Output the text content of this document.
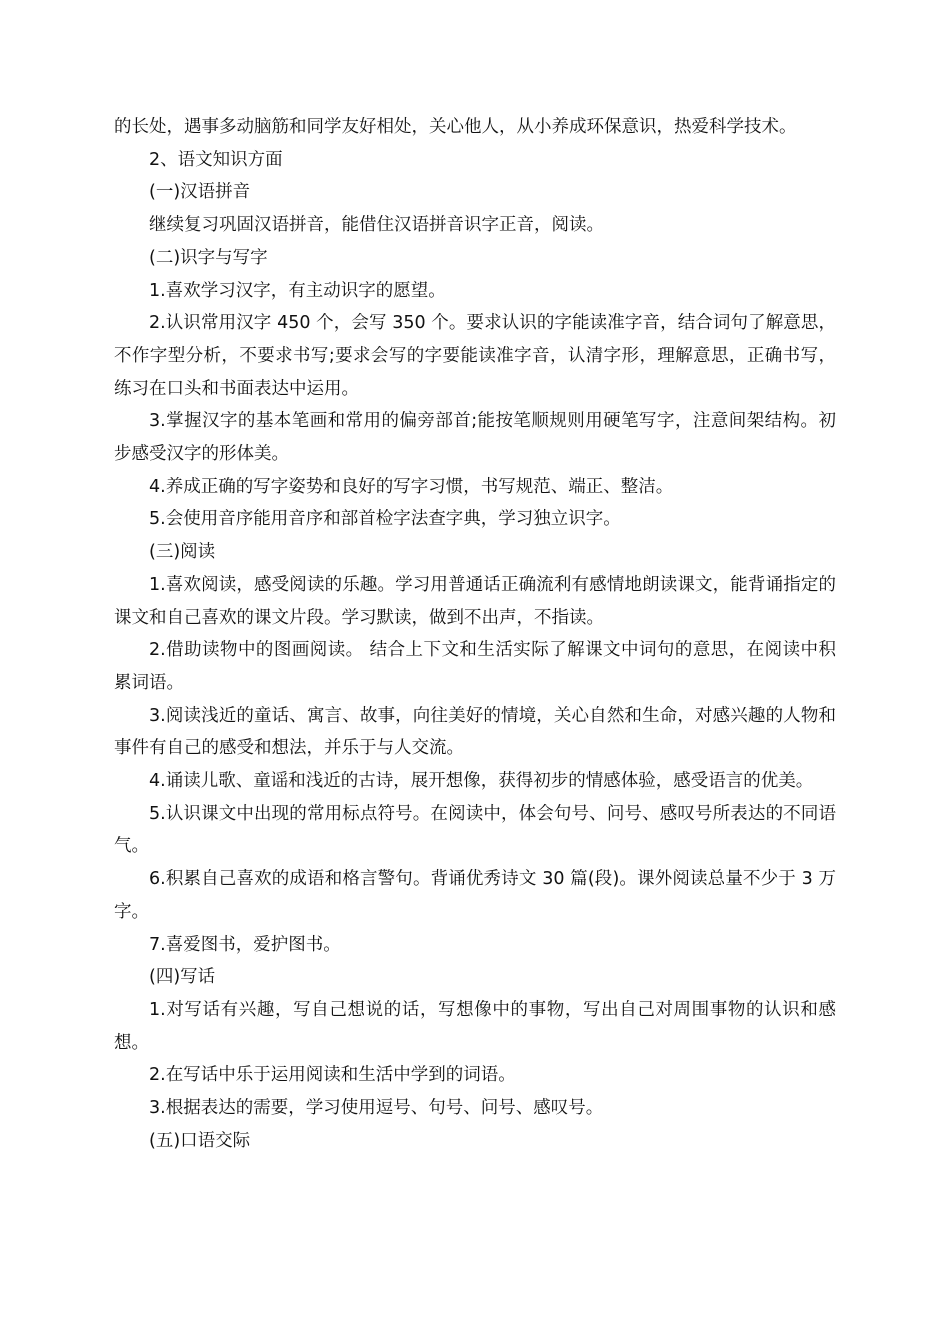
的长处，遇事多动脑筋和同学友好相处，关心他人，从小养成环保意识，热爱科学技术。

2、语文知识方面

(一)汉语拼音

继续复习巩固汉语拼音，能借住汉语拼音识字正音，阅读。

(二)识字与写字

1.喜欢学习汉字，有主动识字的愿望。

2.认识常用汉字 450 个，会写 350 个。要求认识的字能读准字音，结合词句了解意思，不作字型分析，不要求书写;要求会写的字要能读准字音，认清字形，理解意思，正确书写，练习在口头和书面表达中运用。

3.掌握汉字的基本笔画和常用的偏旁部首;能按笔顺规则用硬笔写字，注意间架结构。初步感受汉字的形体美。

4.养成正确的写字姿势和良好的写字习惯，书写规范、端正、整洁。

5.会使用音序能用音序和部首检字法查字典，学习独立识字。

(三)阅读

1.喜欢阅读，感受阅读的乐趣。学习用普通话正确流利有感情地朗读课文，能背诵指定的课文和自己喜欢的课文片段。学习默读，做到不出声，不指读。

2.借助读物中的图画阅读。 结合上下文和生活实际了解课文中词句的意思，在阅读中积累词语。

3.阅读浅近的童话、寓言、故事，向往美好的情境，关心自然和生命，对感兴趣的人物和事件有自己的感受和想法，并乐于与人交流。

4.诵读儿歌、童谣和浅近的古诗，展开想像，获得初步的情感体验，感受语言的优美。

5.认识课文中出现的常用标点符号。在阅读中，体会句号、问号、感叹号所表达的不同语气。

6.积累自己喜欢的成语和格言警句。背诵优秀诗文 30 篇(段)。课外阅读总量不少于 3 万字。

7.喜爱图书，爱护图书。

(四)写话

1.对写话有兴趣，写自己想说的话，写想像中的事物，写出自己对周围事物的认识和感想。

2.在写话中乐于运用阅读和生活中学到的词语。

3.根据表达的需要，学习使用逗号、句号、问号、感叹号。

(五)口语交际
